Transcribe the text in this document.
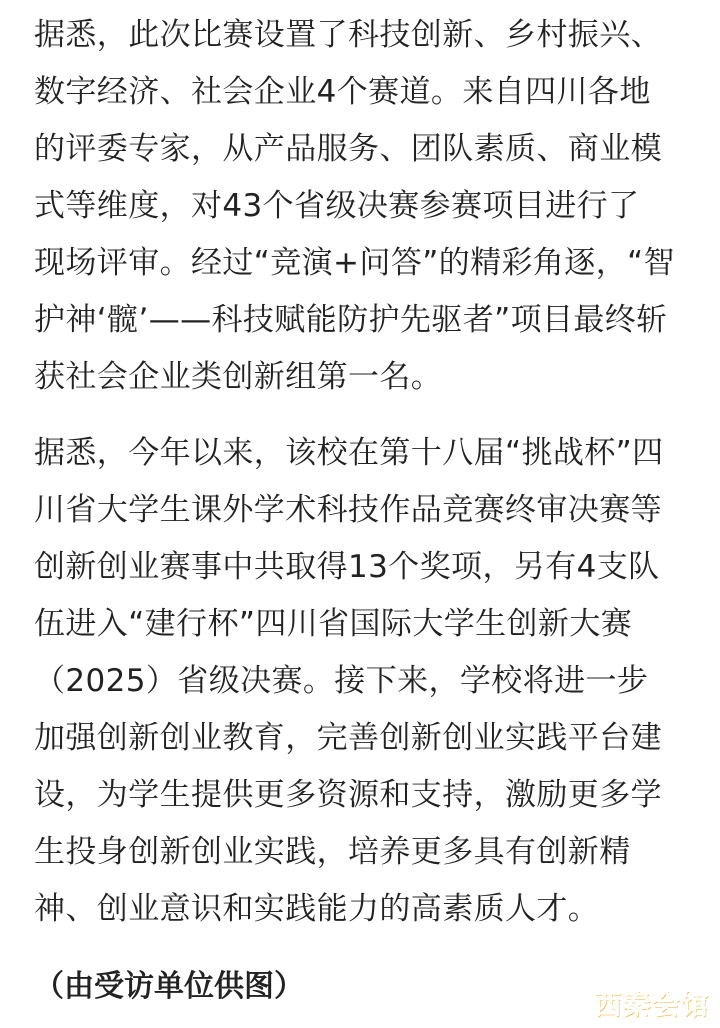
据悉，此次比赛设置了科技创新、乡村振兴、
数字经济、社会企业4个赛道。来自四川各地
的评委专家，从产品服务、团队素质、商业模
式等维度，对43个省级决赛参赛项目进行了
现场评审。经过“竞演+问答”的精彩角逐，“智
护神‘髋’——科技赋能防护先驱者”项目最终斩
获社会企业类创新组第一名。

据悉，今年以来，该校在第十八届“挑战杯”四
川省大学生课外学术科技作品竞赛终审决赛等
创新创业赛事中共取得13个奖项，另有4支队
伍进入“建行杯”四川省国际大学生创新大赛
（2025）省级决赛。接下来，学校将进一步
加强创新创业教育，完善创新创业实践平台建
设，为学生提供更多资源和支持，激励更多学
生投身创新创业实践，培养更多具有创新精
神、创业意识和实践能力的高素质人才。

（由受访单位供图）

西秦会馆
